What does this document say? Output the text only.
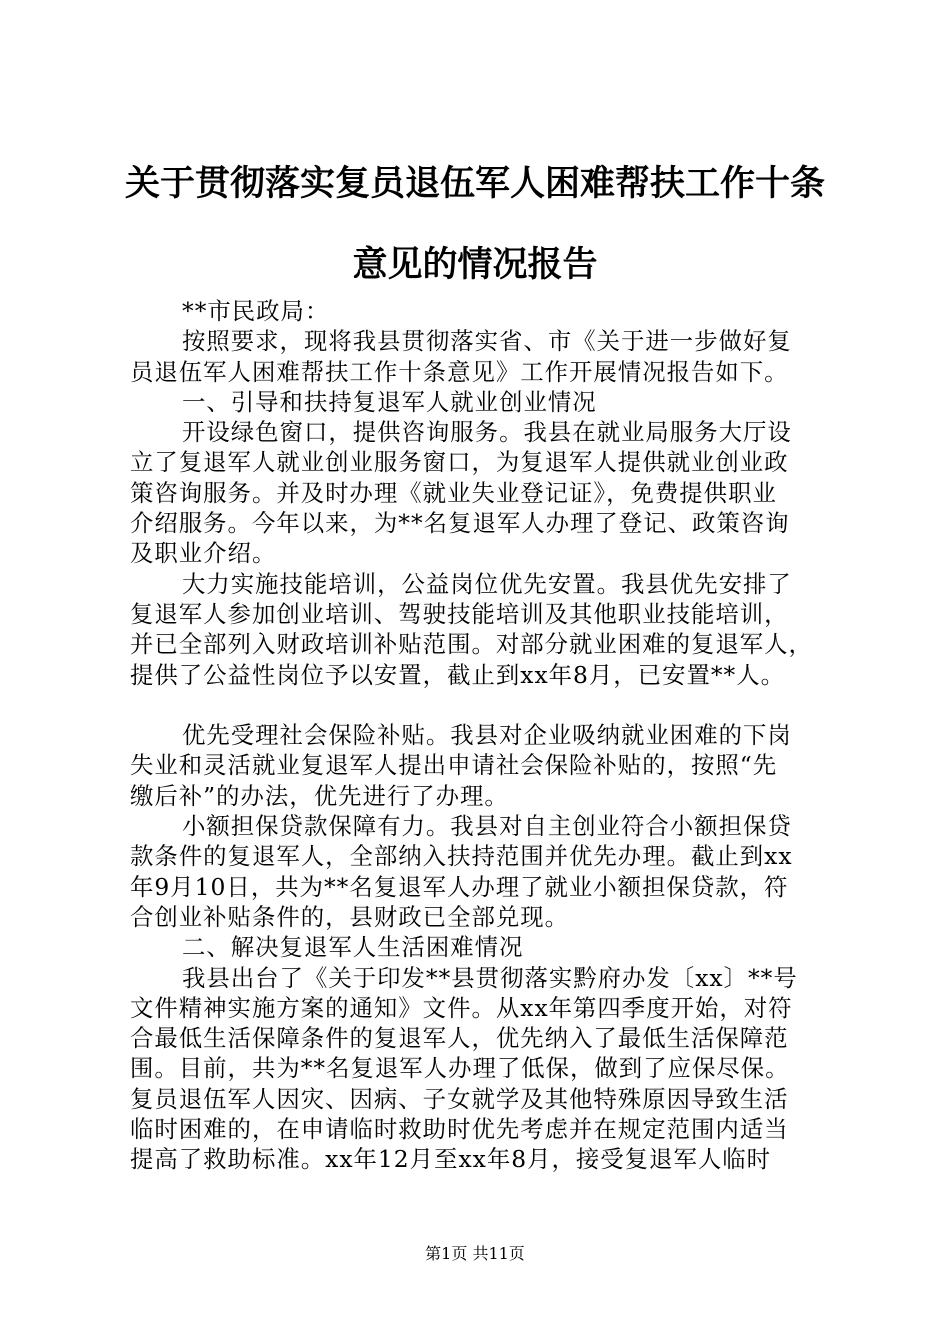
关于贯彻落实复员退伍军人困难帮扶工作十条
意见的情况报告
**市民政局：
按照要求，现将我县贯彻落实省、市《关于进一步做好复
员退伍军人困难帮扶工作十条意见》工作开展情况报告如下。
一、引导和扶持复退军人就业创业情况
开设绿色窗口，提供咨询服务。我县在就业局服务大厅设
立了复退军人就业创业服务窗口，为复退军人提供就业创业政
策咨询服务。并及时办理《就业失业登记证》，免费提供职业
介绍服务。今年以来，为**名复退军人办理了登记、政策咨询
及职业介绍。
大力实施技能培训，公益岗位优先安置。我县优先安排了
复退军人参加创业培训、驾驶技能培训及其他职业技能培训，
并已全部列入财政培训补贴范围。对部分就业困难的复退军人，
提供了公益性岗位予以安置，截止到xx年8月，已安置**人。
优先受理社会保险补贴。我县对企业吸纳就业困难的下岗
失业和灵活就业复退军人提出申请社会保险补贴的，按照“先
缴后补”的办法，优先进行了办理。
小额担保贷款保障有力。我县对自主创业符合小额担保贷
款条件的复退军人，全部纳入扶持范围并优先办理。截止到xx
年9月10日，共为**名复退军人办理了就业小额担保贷款，符
合创业补贴条件的，县财政已全部兑现。
二、解决复退军人生活困难情况
我县出台了《关于印发**县贯彻落实黔府办发〔xx〕**号
文件精神实施方案的通知》文件。从xx年第四季度开始，对符
合最低生活保障条件的复退军人，优先纳入了最低生活保障范
围。目前，共为**名复退军人办理了低保，做到了应保尽保。
复员退伍军人因灾、因病、子女就学及其他特殊原因导致生活
临时困难的，在申请临时救助时优先考虑并在规定范围内适当
提高了救助标准。xx年12月至xx年8月，接受复退军人临时
第1页 共11页
